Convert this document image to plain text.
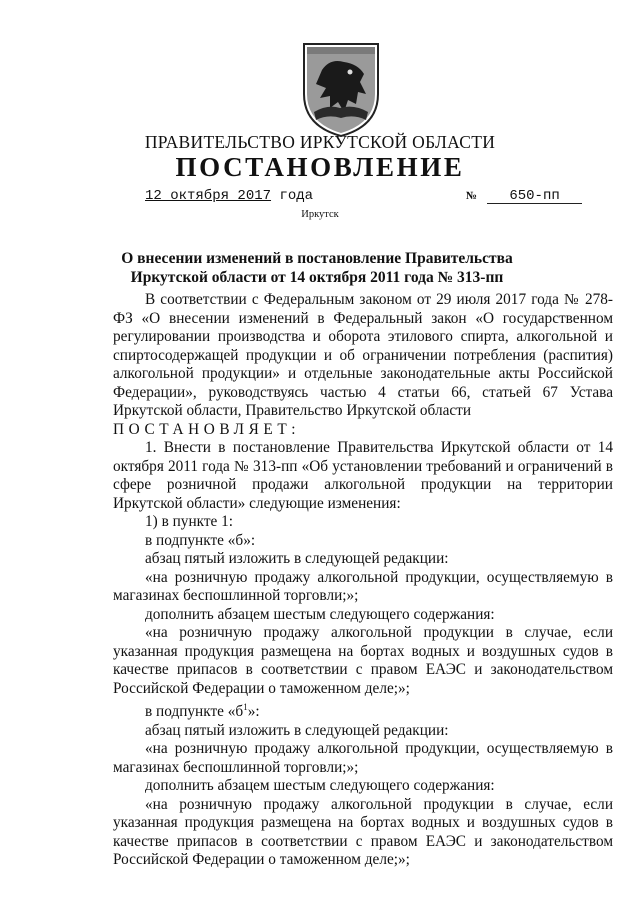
ПРАВИТЕЛЬСТВО ИРКУТСКОЙ ОБЛАСТИ
ПОСТАНОВЛЕНИЕ
12 октября 2017 года	№ 650-пп
Иркутск
О внесении изменений в постановление Правительства Иркутской области от 14 октября 2011 года № 313-пп

В соответствии с Федеральным законом от 29 июля 2017 года № 278-ФЗ «О внесении изменений в Федеральный закон «О государственном регулировании производства и оборота этилового спирта, алкогольной и спиртосодержащей продукции и об ограничении потребления (распития) алкогольной продукции» и отдельные законодательные акты Российской Федерации», руководствуясь частью 4 статьи 66, статьей 67 Устава Иркутской области, Правительство Иркутской области

ПОСТАНОВЛЯЕТ:

1. Внести в постановление Правительства Иркутской области от 14 октября 2011 года № 313-пп «Об установлении требований и ограничений в сфере розничной продажи алкогольной продукции на территории Иркутской области» следующие изменения:

1) в пункте 1:

в подпункте «б»:

абзац пятый изложить в следующей редакции:

«на розничную продажу алкогольной продукции, осуществляемую в магазинах беспошлинной торговли;»;

дополнить абзацем шестым следующего содержания:

«на розничную продажу алкогольной продукции в случае, если указанная продукция размещена на бортах водных и воздушных судов в качестве припасов в соответствии с правом ЕАЭС и законодательством Российской Федерации о таможенном деле;»;

в подпункте «$б^1$»:

абзац пятый изложить в следующей редакции:

«на розничную продажу алкогольной продукции, осуществляемую в магазинах беспошлинной торговли;»;

дополнить абзацем шестым следующего содержания:

«на розничную продажу алкогольной продукции в случае, если указанная продукция размещена на бортах водных и воздушных судов в качестве припасов в соответствии с правом ЕАЭС и законодательством Российской Федерации о таможенном деле;»;
